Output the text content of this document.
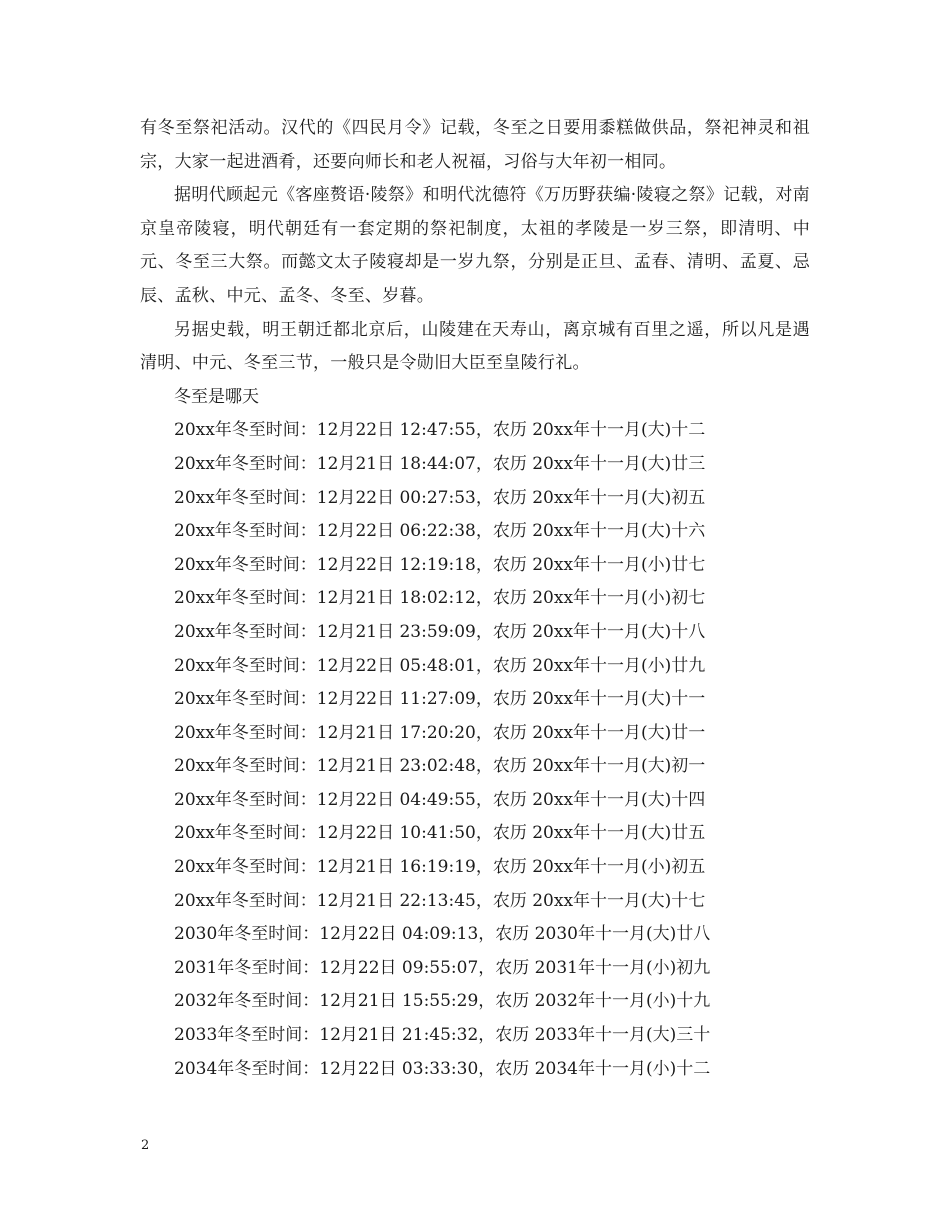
有冬至祭祀活动。汉代的《四民月令》记载，冬至之日要用黍糕做供品，祭祀神灵和祖宗，大家一起进酒肴，还要向师长和老人祝福，习俗与大年初一相同。

据明代顾起元《客座赘语·陵祭》和明代沈德符《万历野获编·陵寝之祭》记载，对南京皇帝陵寝，明代朝廷有一套定期的祭祀制度，太祖的孝陵是一岁三祭，即清明、中元、冬至三大祭。而懿文太子陵寝却是一岁九祭，分别是正旦、孟春、清明、孟夏、忌辰、孟秋、中元、孟冬、冬至、岁暮。

另据史载，明王朝迁都北京后，山陵建在天寿山，离京城有百里之遥，所以凡是遇清明、中元、冬至三节，一般只是令勋旧大臣至皇陵行礼。

冬至是哪天

20xx年冬至时间：12月22日 12:47:55，农历 20xx年十一月(大)十二
20xx年冬至时间：12月21日 18:44:07，农历 20xx年十一月(大)廿三
20xx年冬至时间：12月22日 00:27:53，农历 20xx年十一月(大)初五
20xx年冬至时间：12月22日 06:22:38，农历 20xx年十一月(大)十六
20xx年冬至时间：12月22日 12:19:18，农历 20xx年十一月(小)廿七
20xx年冬至时间：12月21日 18:02:12，农历 20xx年十一月(小)初七
20xx年冬至时间：12月21日 23:59:09，农历 20xx年十一月(大)十八
20xx年冬至时间：12月22日 05:48:01，农历 20xx年十一月(小)廿九
20xx年冬至时间：12月22日 11:27:09，农历 20xx年十一月(大)十一
20xx年冬至时间：12月21日 17:20:20，农历 20xx年十一月(大)廿一
20xx年冬至时间：12月21日 23:02:48，农历 20xx年十一月(大)初一
20xx年冬至时间：12月22日 04:49:55，农历 20xx年十一月(大)十四
20xx年冬至时间：12月22日 10:41:50，农历 20xx年十一月(大)廿五
20xx年冬至时间：12月21日 16:19:19，农历 20xx年十一月(小)初五
20xx年冬至时间：12月21日 22:13:45，农历 20xx年十一月(大)十七
2030年冬至时间：12月22日 04:09:13，农历 2030年十一月(大)廿八
2031年冬至时间：12月22日 09:55:07，农历 2031年十一月(小)初九
2032年冬至时间：12月21日 15:55:29，农历 2032年十一月(小)十九
2033年冬至时间：12月21日 21:45:32，农历 2033年十一月(大)三十
2034年冬至时间：12月22日 03:33:30，农历 2034年十一月(小)十二
2
